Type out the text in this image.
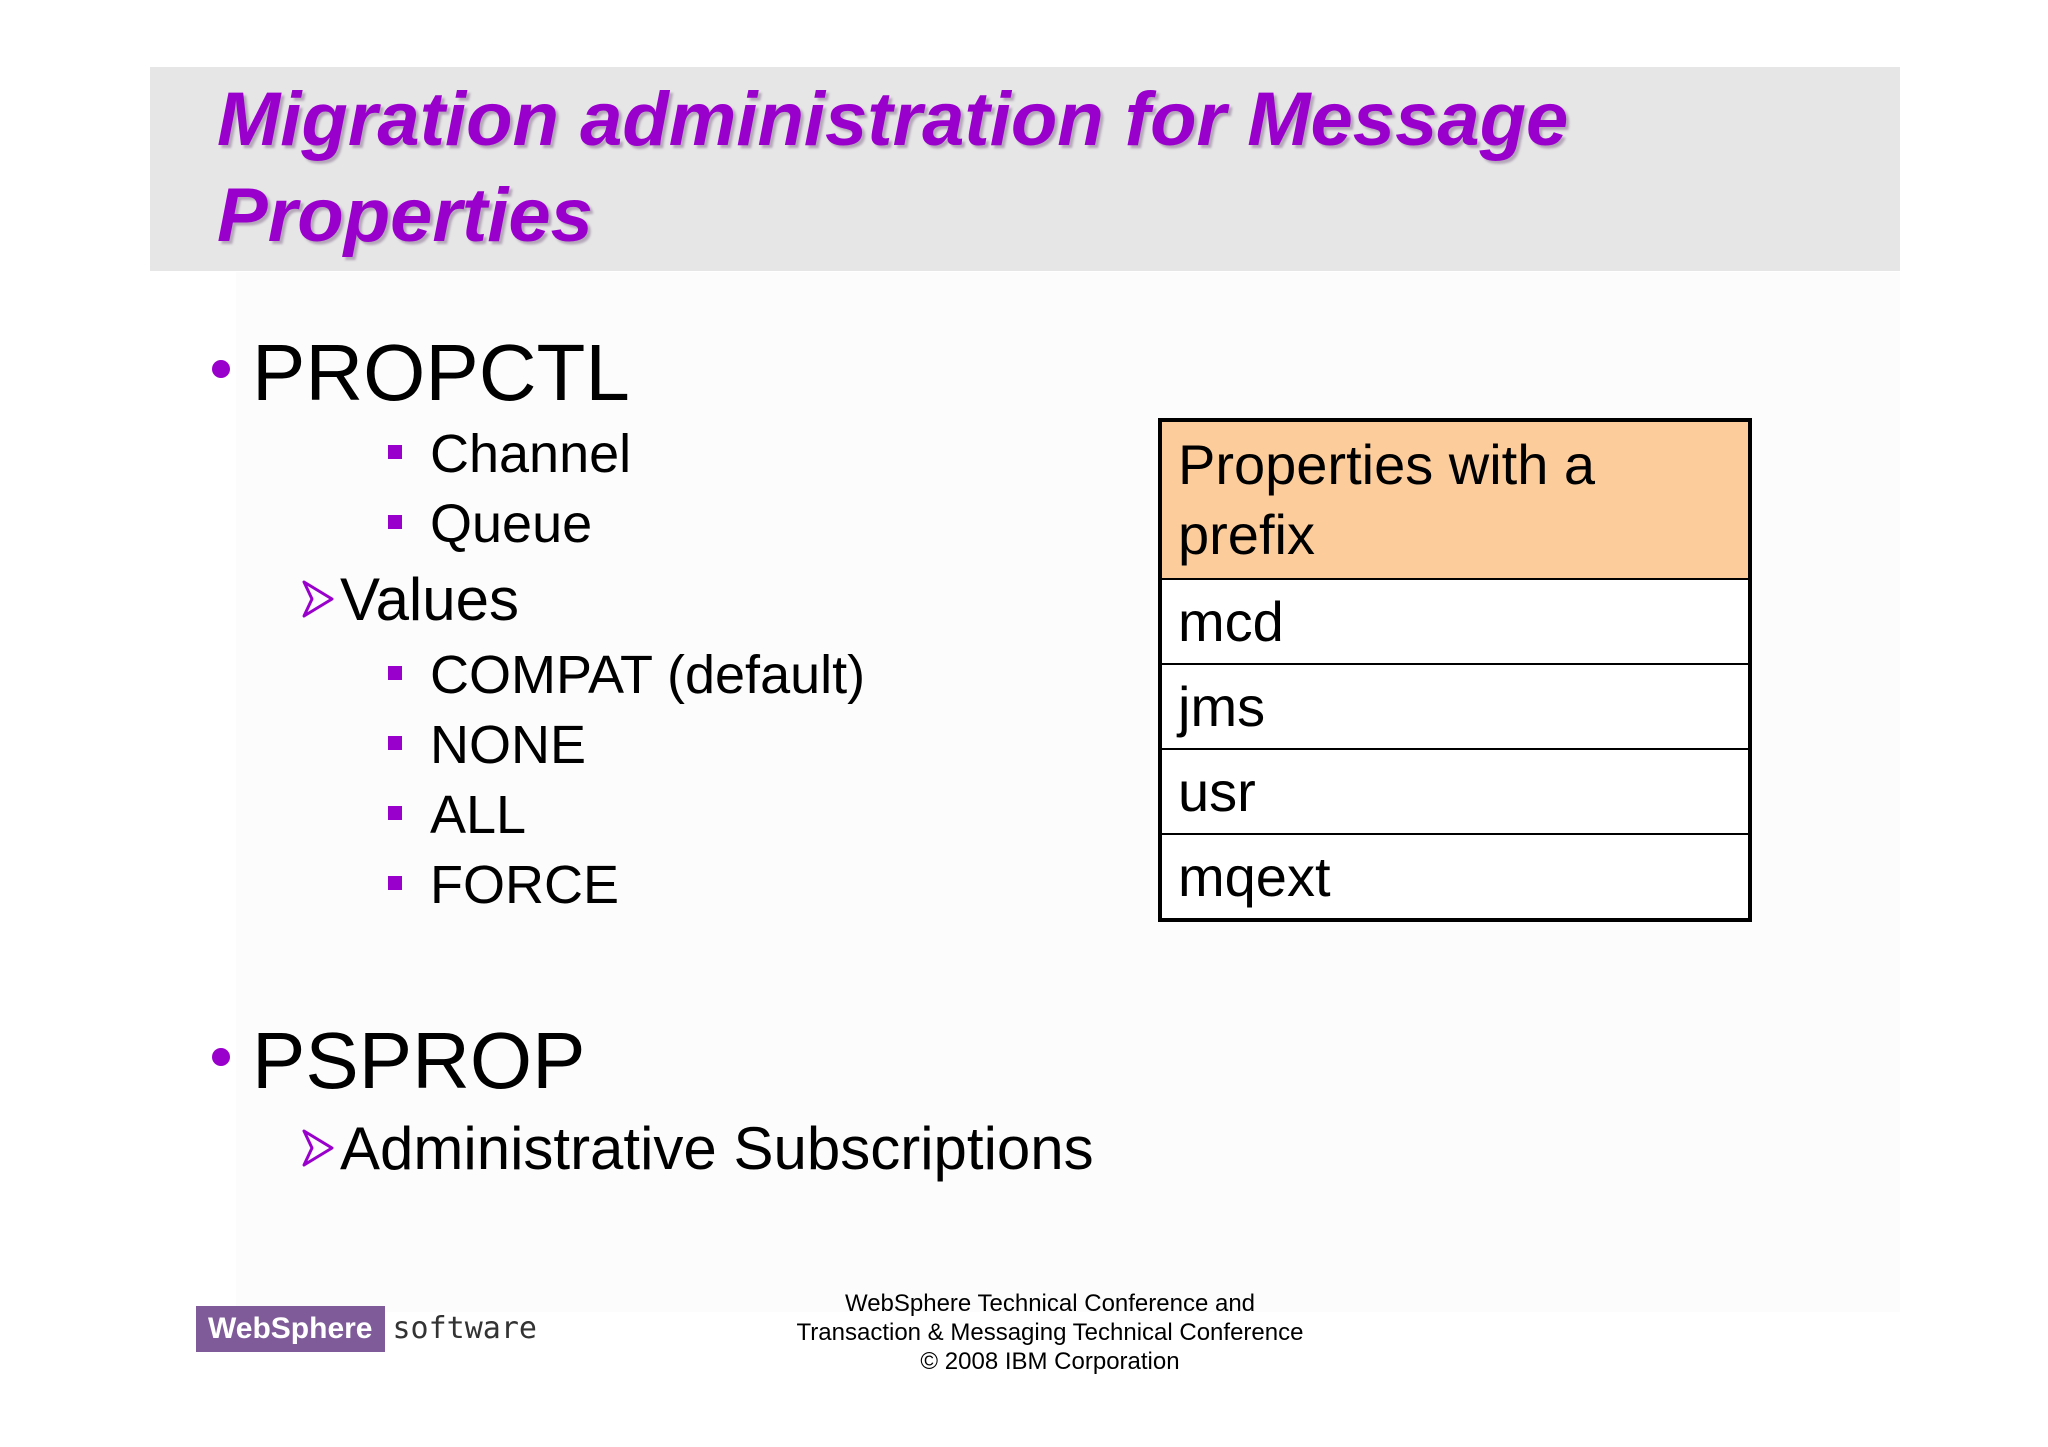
Migration administration for Message Properties
PROPCTL
Channel
Queue
Values
COMPAT (default)
NONE
ALL
FORCE
Properties with a prefix
mcd
jms
usr
mqext
PSPROP
Administrative Subscriptions
WebSphere software
WebSphere Technical Conference and
Transaction & Messaging Technical Conference
© 2008 IBM Corporation
